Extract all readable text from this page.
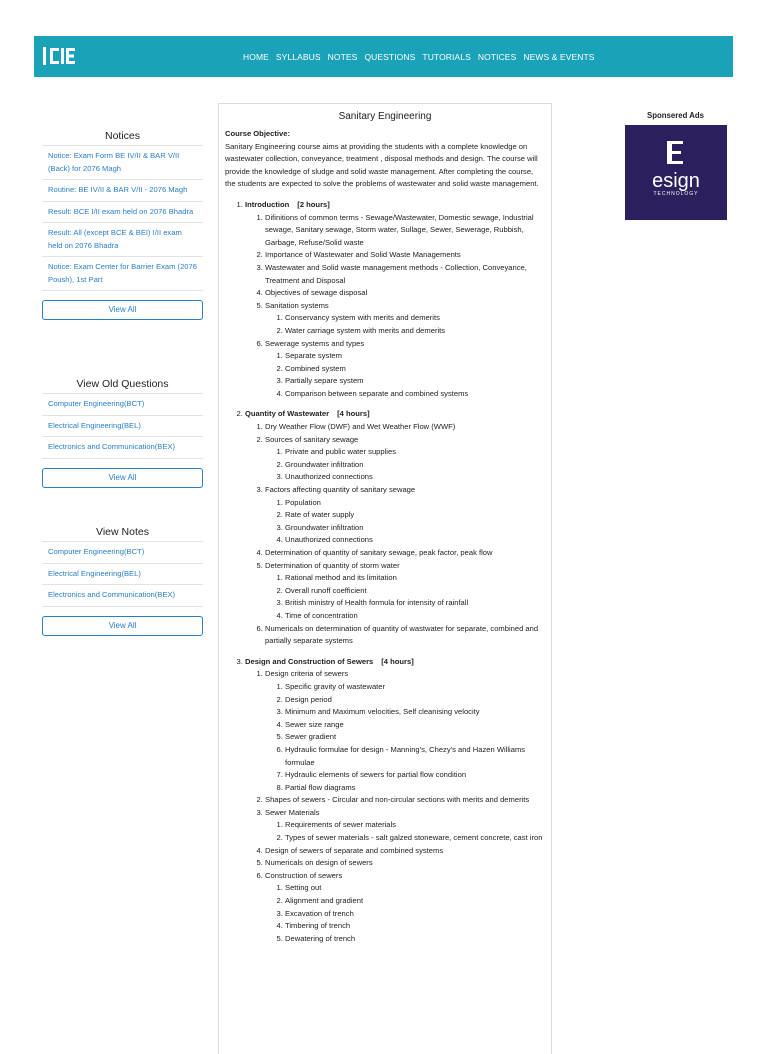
HOME SYLLABUS NOTES QUESTIONS TUTORIALS NOTICES NEWS & EVENTS
Notices
Notice: Exam Form BE IV/II & BAR V/II (Back) for 2076 Magh
Routine: BE IV/II & BAR V/II - 2076 Magh
Result: BCE I/II exam held on 2076 Bhadra
Result: All (except BCE & BEI) I/II exam held on 2076 Bhadra
Notice: Exam Center for Barrier Exam (2076 Poush), 1st Part
View All
View Old Questions
Computer Engineering(BCT)
Electrical Engineering(BEL)
Electronics and Communication(BEX)
View All
View Notes
Computer Engineering(BCT)
Electrical Engineering(BEL)
Electronics and Communication(BEX)
View All
Sanitary Engineering
Course Objective:
Sanitary Engineering course aims at providing the students with a complete knowledge on wastewater collection, conveyance, treatment , disposal methods and design. The course will provide the knowledge of sludge and solid waste management. After completing the course, the students are expected to solve the problems of wastewater and solid waste management.
1. Introduction [2 hours]
1. Difinitions of common terms - Sewage/Wastewater, Domestic sewage, Industrial sewage, Sanitary sewage, Storm water, Sullage, Sewer, Sewerage, Rubbish, Garbage, Refuse/Solid waste
2. Importance of Wastewater and Solid Waste Managements
3. Wastewater and Solid waste management methods - Collection, Conveyance, Treatment and Disposal
4. Objectives of sewage disposal
5. Sanitation systems
1. Conservancy system with merits and demerits
2. Water carriage system with merits and demerits
6. Sewerage systems and types
1. Separate system
2. Combined system
3. Partially separe system
4. Comparison between separate and combined systems
2. Quantity of Wastewater [4 hours]
1. Dry Weather Flow (DWF) and Wet Weather Flow (WWF)
2. Sources of sanitary sewage
1. Private and public water supplies
2. Groundwater infiltration
3. Unauthorized connections
3. Factors affecting quantity of sanitary sewage
1. Population
2. Rate of water supply
3. Groundwater infiltration
4. Unauthorized connections
4. Determination of quantity of sanitary sewage, peak factor, peak flow
5. Determination of quantity of storm water
1. Rational method and its limitation
2. Overall runoff coefficient
3. British ministry of Health formula for intensity of rainfall
4. Time of concentration
6. Numericals on determination of quantity of wastwater for separate, combined and partially separate systems
3. Design and Construction of Sewers [4 hours]
1. Design criteria of sewers
1. Specific gravity of wastewater
2. Design period
3. Minimum and Maximum velocities, Self cleanising velocity
4. Sewer size range
5. Sewer gradient
6. Hydraulic formulae for design - Manning's, Chezy's and Hazen Williams formulae
7. Hydraulic elements of sewers for partial flow condition
8. Partial flow diagrams
2. Shapes of sewers - Circular and non-circular sections with merits and demerits
3. Sewer Materials
1. Requirements of sewer materials
2. Types of sewer materials - salt galzed stoneware, cement concrete, cast iron
4. Design of sewers of separate and combined systems
5. Numericals on design of sewers
6. Construction of sewers
1. Setting out
2. Alignment and gradient
3. Excavation of trench
4. Timbering of trench
5. Dewatering of trench
Sponsered Ads
esign
TECHNOLOGY
